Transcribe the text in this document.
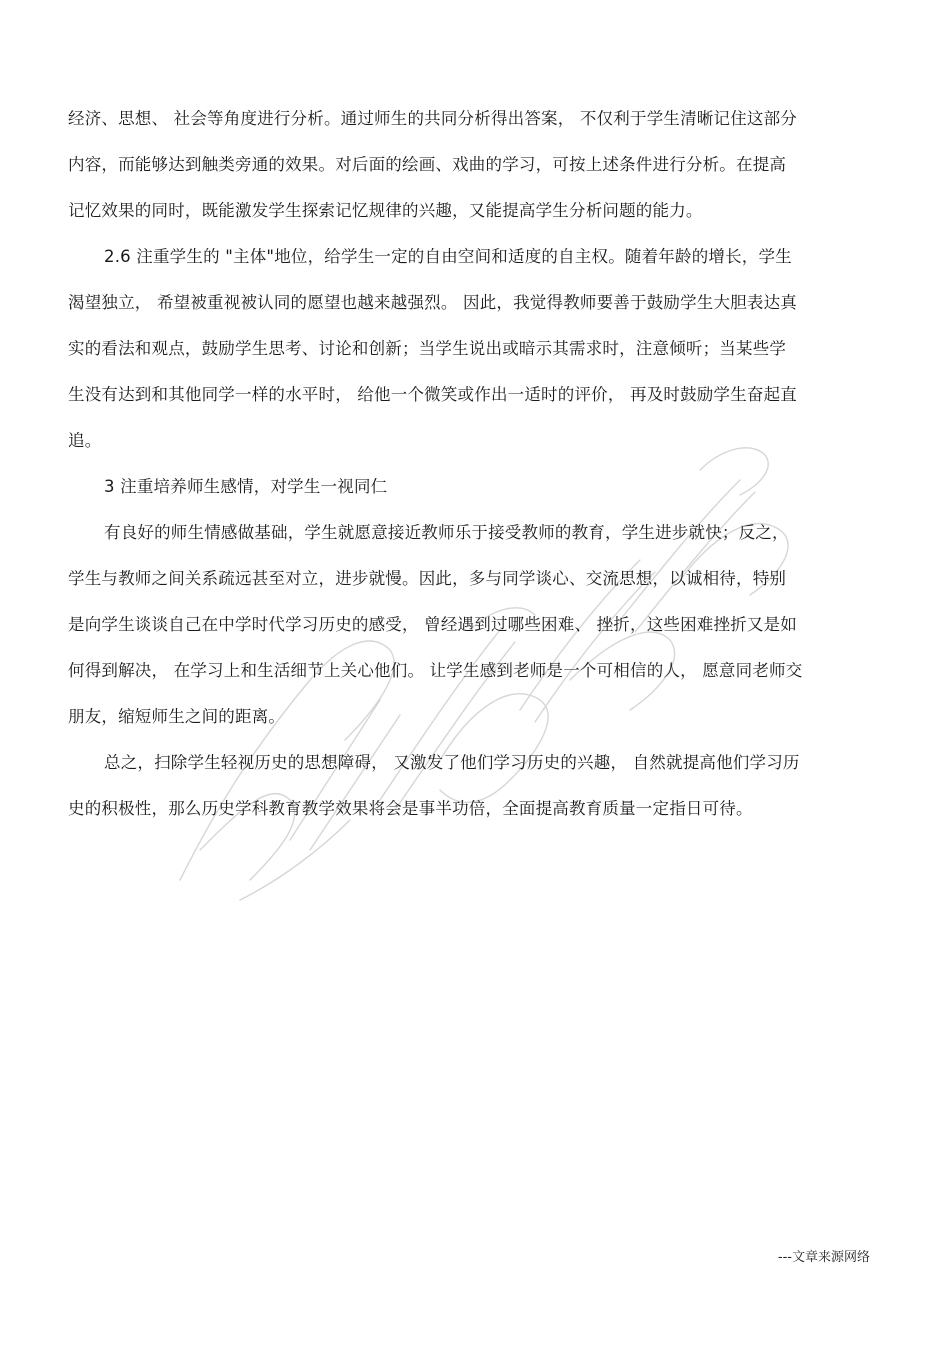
经济、思想、 社会等角度进行分析。通过师生的共同分析得出答案， 不仅利于学生清晰记住这部分
内容，而能够达到触类旁通的效果。对后面的绘画、戏曲的学习，可按上述条件进行分析。在提高
记忆效果的同时，既能激发学生探索记忆规律的兴趣，又能提高学生分析问题的能力。
2.6 注重学生的 "主体"地位，给学生一定的自由空间和适度的自主权。随着年龄的增长，学生
渴望独立， 希望被重视被认同的愿望也越来越强烈。 因此，我觉得教师要善于鼓励学生大胆表达真
实的看法和观点，鼓励学生思考、讨论和创新；当学生说出或暗示其需求时，注意倾听；当某些学
生没有达到和其他同学一样的水平时， 给他一个微笑或作出一适时的评价， 再及时鼓励学生奋起直
追。
3 注重培养师生感情，对学生一视同仁
有良好的师生情感做基础，学生就愿意接近教师乐于接受教师的教育，学生进步就快；反之，
学生与教师之间关系疏远甚至对立，进步就慢。因此，多与同学谈心、交流思想，以诚相待，特别
是向学生谈谈自己在中学时代学习历史的感受， 曾经遇到过哪些困难、 挫折，这些困难挫折又是如
何得到解决， 在学习上和生活细节上关心他们。 让学生感到老师是一个可相信的人， 愿意同老师交
朋友，缩短师生之间的距离。
总之，扫除学生轻视历史的思想障碍， 又激发了他们学习历史的兴趣， 自然就提高他们学习历
史的积极性，那么历史学科教育教学效果将会是事半功倍，全面提高教育质量一定指日可待。
---文章来源网络
